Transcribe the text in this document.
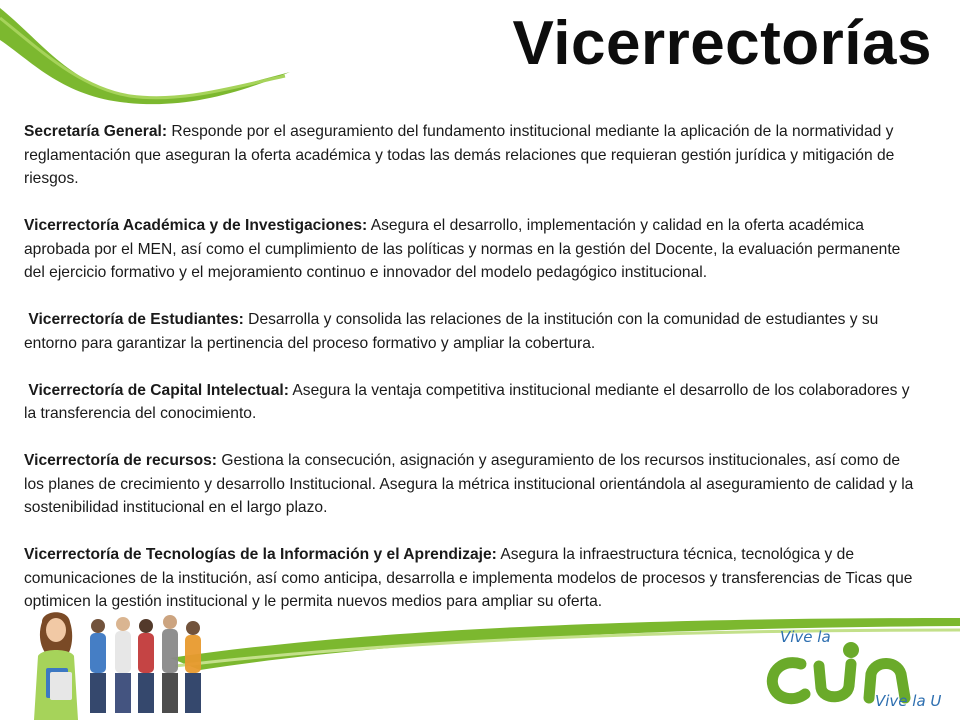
Vicerrectorías

Secretaría General: Responde por el aseguramiento del fundamento institucional mediante la aplicación de la normatividad y reglamentación que aseguran la oferta académica y todas las demás relaciones que requieran gestión jurídica y mitigación de riesgos.

Vicerrectoría Académica y de Investigaciones: Asegura el desarrollo, implementación y calidad en la oferta académica aprobada por el MEN, así como el cumplimiento de las políticas y normas en la gestión del Docente, la evaluación permanente del ejercicio formativo y el mejoramiento continuo e innovador del modelo pedagógico institucional.

Vicerrectoría de Estudiantes: Desarrolla y consolida las relaciones de la institución con la comunidad de estudiantes y su entorno para garantizar la pertinencia del proceso formativo y ampliar la cobertura.

Vicerrectoría de Capital Intelectual: Asegura la ventaja competitiva institucional mediante el desarrollo de los colaboradores y la transferencia del conocimiento.

Vicerrectoría de recursos: Gestiona la consecución, asignación y aseguramiento de los recursos institucionales, así como de los planes de crecimiento y desarrollo Institucional. Asegura la métrica institucional orientándola al aseguramiento de calidad y la sostenibilidad institucional en el largo plazo.

Vicerrectoría de Tecnologías de la Información y el Aprendizaje: Asegura la infraestructura técnica, tecnológica y de comunicaciones de la institución, así como anticipa, desarrolla e implementa modelos de procesos y transferencias de Ticas que optimicen la gestión institucional y le permita nuevos medios para ampliar su oferta.

Vive la
Vive la U
